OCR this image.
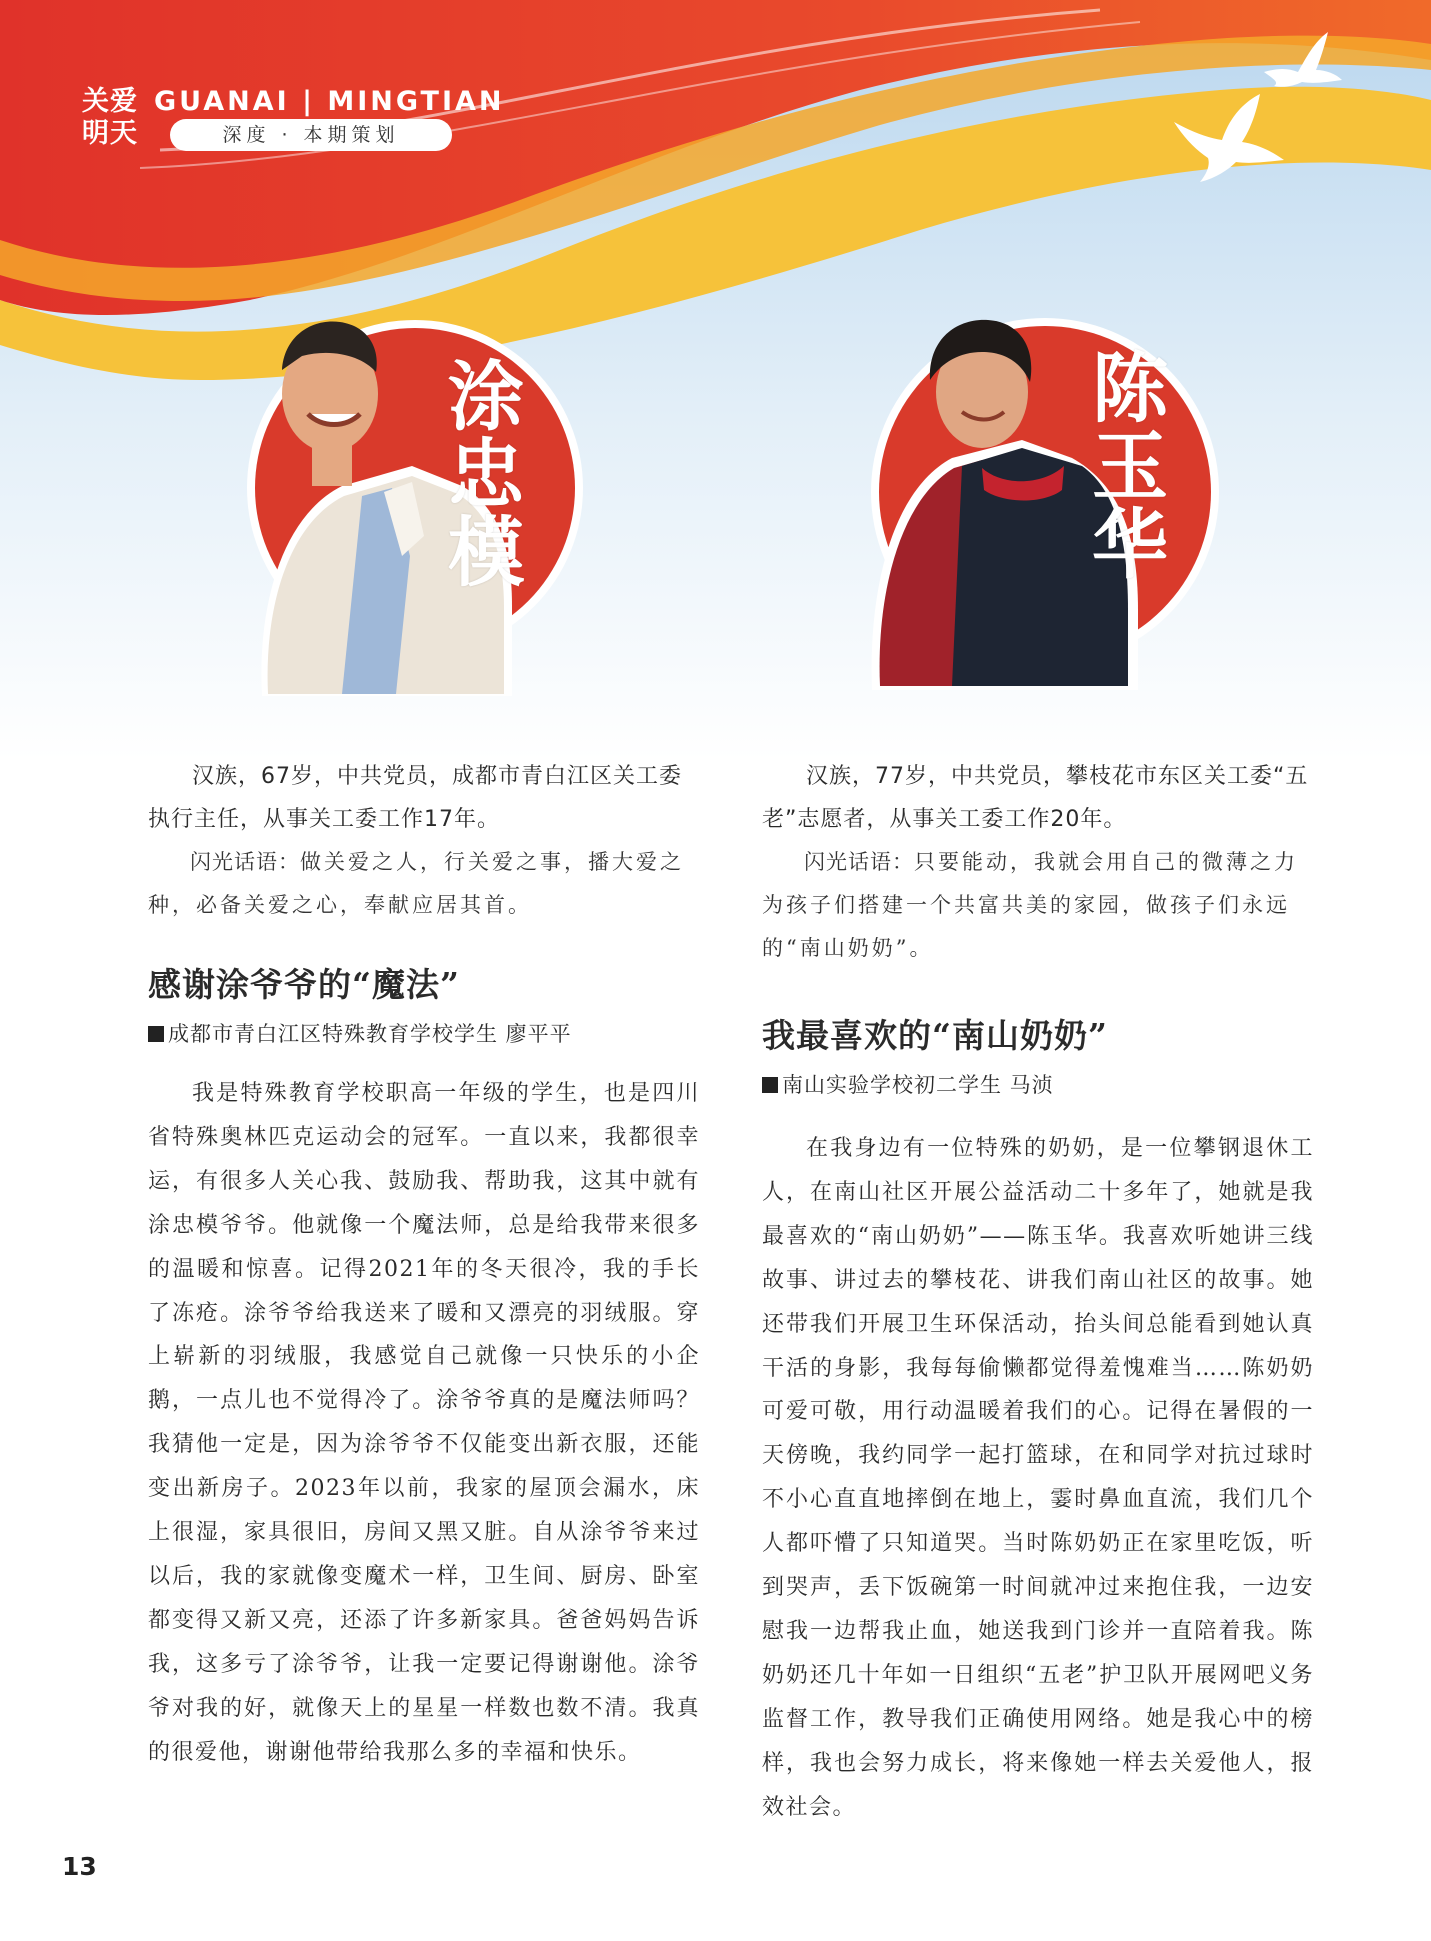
关爱明天
GUANAI | MINGTIAN
深度 · 本期策划
涂忠模
陈玉华

汉族，67岁，中共党员，成都市青白江区关工委执行主任，从事关工委工作17年。

闪光话语：做关爱之人，行关爱之事，播大爱之种，必备关爱之心，奉献应居其首。

感谢涂爷爷的“魔法”

成都市青白江区特殊教育学校学生 廖平平

我是特殊教育学校职高一年级的学生，也是四川省特殊奥林匹克运动会的冠军。一直以来，我都很幸运，有很多人关心我、鼓励我、帮助我，这其中就有涂忠模爷爷。他就像一个魔法师，总是给我带来很多的温暖和惊喜。记得2021年的冬天很冷，我的手长了冻疮。涂爷爷给我送来了暖和又漂亮的羽绒服。穿上崭新的羽绒服，我感觉自己就像一只快乐的小企鹅，一点儿也不觉得冷了。涂爷爷真的是魔法师吗？我猜他一定是，因为涂爷爷不仅能变出新衣服，还能变出新房子。2023年以前，我家的屋顶会漏水，床上很湿，家具很旧，房间又黑又脏。自从涂爷爷来过以后，我的家就像变魔术一样，卫生间、厨房、卧室都变得又新又亮，还添了许多新家具。爸爸妈妈告诉我，这多亏了涂爷爷，让我一定要记得谢谢他。涂爷爷对我的好，就像天上的星星一样数也数不清。我真的很爱他，谢谢他带给我那么多的幸福和快乐。

汉族，77岁，中共党员，攀枝花市东区关工委“五老”志愿者，从事关工委工作20年。

闪光话语：只要能动，我就会用自己的微薄之力为孩子们搭建一个共富共美的家园，做孩子们永远的“南山奶奶”。

我最喜欢的“南山奶奶”

南山实验学校初二学生 马浈

在我身边有一位特殊的奶奶，是一位攀钢退休工人，在南山社区开展公益活动二十多年了，她就是我最喜欢的“南山奶奶”——陈玉华。我喜欢听她讲三线故事、讲过去的攀枝花、讲我们南山社区的故事。她还带我们开展卫生环保活动，抬头间总能看到她认真干活的身影，我每每偷懒都觉得羞愧难当……陈奶奶可爱可敬，用行动温暖着我们的心。记得在暑假的一天傍晚，我约同学一起打篮球，在和同学对抗过球时不小心直直地摔倒在地上，霎时鼻血直流，我们几个人都吓懵了只知道哭。当时陈奶奶正在家里吃饭，听到哭声，丢下饭碗第一时间就冲过来抱住我，一边安慰我一边帮我止血，她送我到门诊并一直陪着我。陈奶奶还几十年如一日组织“五老”护卫队开展网吧义务监督工作，教导我们正确使用网络。她是我心中的榜样，我也会努力成长，将来像她一样去关爱他人，报效社会。

13
